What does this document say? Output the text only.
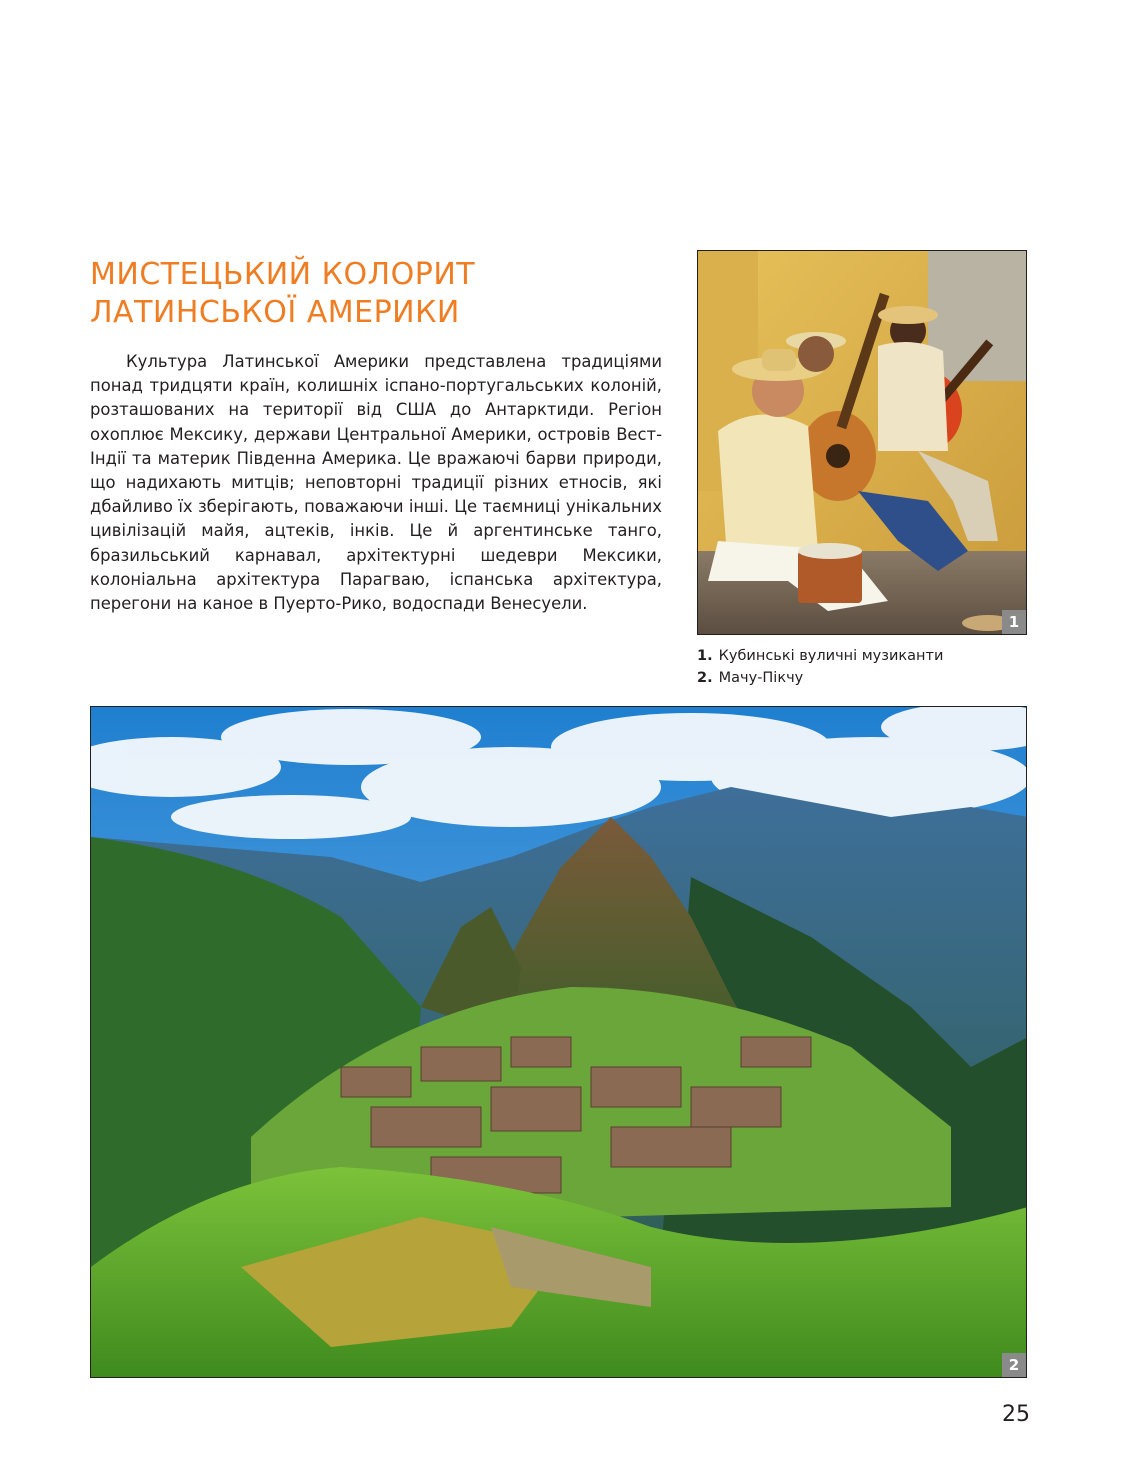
МИСТЕЦЬКИЙ КОЛОРИТ
ЛАТИНСЬКОЇ АМЕРИКИ

Культура Латинської Америки представлена традиціями понад тридцяти країн, колишніх іспано-португальських колоній, розташованих на території від США до Антарктиди. Регіон охоплює Мексику, держави Центральної Америки, островів Вест-Індії та материк Південна Америка. Це вражаючі барви природи, що надихають митців; неповторні традиції різних етносів, які дбайливо їх зберігають, поважаючи інші. Це таємниці унікальних цивілізацій майя, ацтеків, інків. Це й аргентинське танго, бразильський карнавал, архітектурні шедеври Мексики, колоніальна архітектура Парагваю, іспанська архітектура, перегони на каное в Пуерто-Рико, водоспади Венесуели.

1
1. Кубинські вуличні музиканти
2. Мачу-Пікчу
2
25
